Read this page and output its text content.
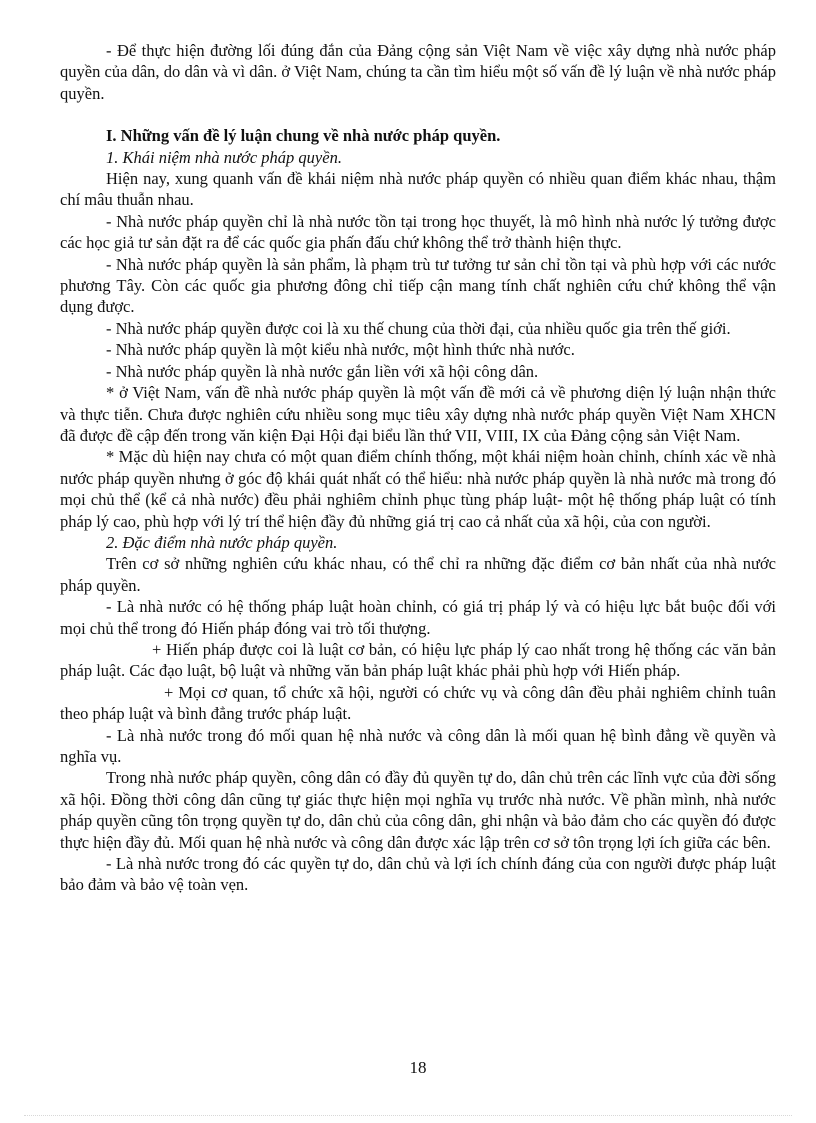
- Để thực hiện đường lối đúng đắn của Đảng cộng sản Việt Nam về việc xây dựng nhà nước pháp quyền của dân, do dân và vì dân. ở Việt Nam, chúng ta cần tìm hiểu một số vấn đề lý luận về nhà nước pháp quyền.

I. Những vấn đề lý luận chung về nhà nước pháp quyền.

1. Khái niệm nhà nước pháp quyền.

Hiện nay, xung quanh vấn đề khái niệm nhà nước pháp quyền có nhiều quan điểm khác nhau, thậm chí mâu thuẫn nhau.

- Nhà nước pháp quyền chỉ là nhà nước tồn tại trong học thuyết, là mô hình nhà nước lý tưởng được các học giả tư sản đặt ra để các quốc gia phấn đấu chứ không thể trở thành hiện thực.

- Nhà nước pháp quyền là sản phẩm, là phạm trù tư tưởng tư sản chỉ tồn tại và phù hợp với các nước phương Tây. Còn các quốc gia phương đông chỉ tiếp cận mang tính chất nghiên cứu chứ không thể vận dụng được.

- Nhà nước pháp quyền được coi là xu thế chung của thời đại, của nhiều quốc gia trên thế giới.

- Nhà nước pháp quyền là một kiểu nhà nước, một hình thức nhà nước.

- Nhà nước pháp quyền là nhà nước gắn liền với xã hội công dân.

* ở Việt Nam, vấn đề nhà nước pháp quyền là một vấn đề mới cả về phương diện lý luận nhận thức và thực tiễn. Chưa được nghiên cứu nhiều song mục tiêu xây dựng nhà nước pháp quyền Việt Nam XHCN đã được đề cập đến trong văn kiện Đại Hội đại biểu lần thứ VII, VIII, IX của Đảng cộng sản Việt Nam.

* Mặc dù hiện nay chưa có một quan điểm chính thống, một khái niệm hoàn chỉnh, chính xác về nhà nước pháp quyền nhưng ở góc độ khái quát nhất có thể hiểu: nhà nước pháp quyền là nhà nước mà trong đó mọi chủ thể (kể cả nhà nước) đều phải nghiêm chỉnh phục tùng pháp luật- một hệ thống pháp luật có tính pháp lý cao, phù hợp với lý trí thể hiện đầy đủ những giá trị cao cả nhất của xã hội, của con người.

2. Đặc điểm nhà nước pháp quyền.

Trên cơ sở những nghiên cứu khác nhau, có thể chỉ ra những đặc điểm cơ bản nhất của nhà nước pháp quyền.

- Là nhà nước có hệ thống pháp luật hoàn chỉnh, có giá trị pháp lý và có hiệu lực bắt buộc đối với mọi chủ thể trong đó Hiến pháp đóng vai trò tối thượng.

+ Hiến pháp được coi là luật cơ bản, có hiệu lực pháp lý cao nhất trong hệ thống các văn bản pháp luật. Các đạo luật, bộ luật và những văn bản pháp luật khác phải phù hợp với Hiến pháp.

+ Mọi cơ quan, tổ chức xã hội, người có chức vụ và công dân đều phải nghiêm chỉnh tuân theo pháp luật và bình đẳng trước pháp luật.

- Là nhà nước trong đó mối quan hệ nhà nước và công dân là mối quan hệ bình đẳng về quyền và nghĩa vụ.

Trong nhà nước pháp quyền, công dân có đầy đủ quyền tự do, dân chủ trên các lĩnh vực của đời sống xã hội. Đồng thời công dân cũng tự giác thực hiện mọi nghĩa vụ trước nhà nước. Về phần mình, nhà nước pháp quyền cũng tôn trọng quyền tự do, dân chủ của công dân, ghi nhận và bảo đảm cho các quyền đó được thực hiện đầy đủ. Mối quan hệ nhà nước và công dân được xác lập trên cơ sở tôn trọng lợi ích giữa các bên.

- Là nhà nước trong đó các quyền tự do, dân chủ và lợi ích chính đáng của con người được pháp luật bảo đảm và bảo vệ toàn vẹn.

18
